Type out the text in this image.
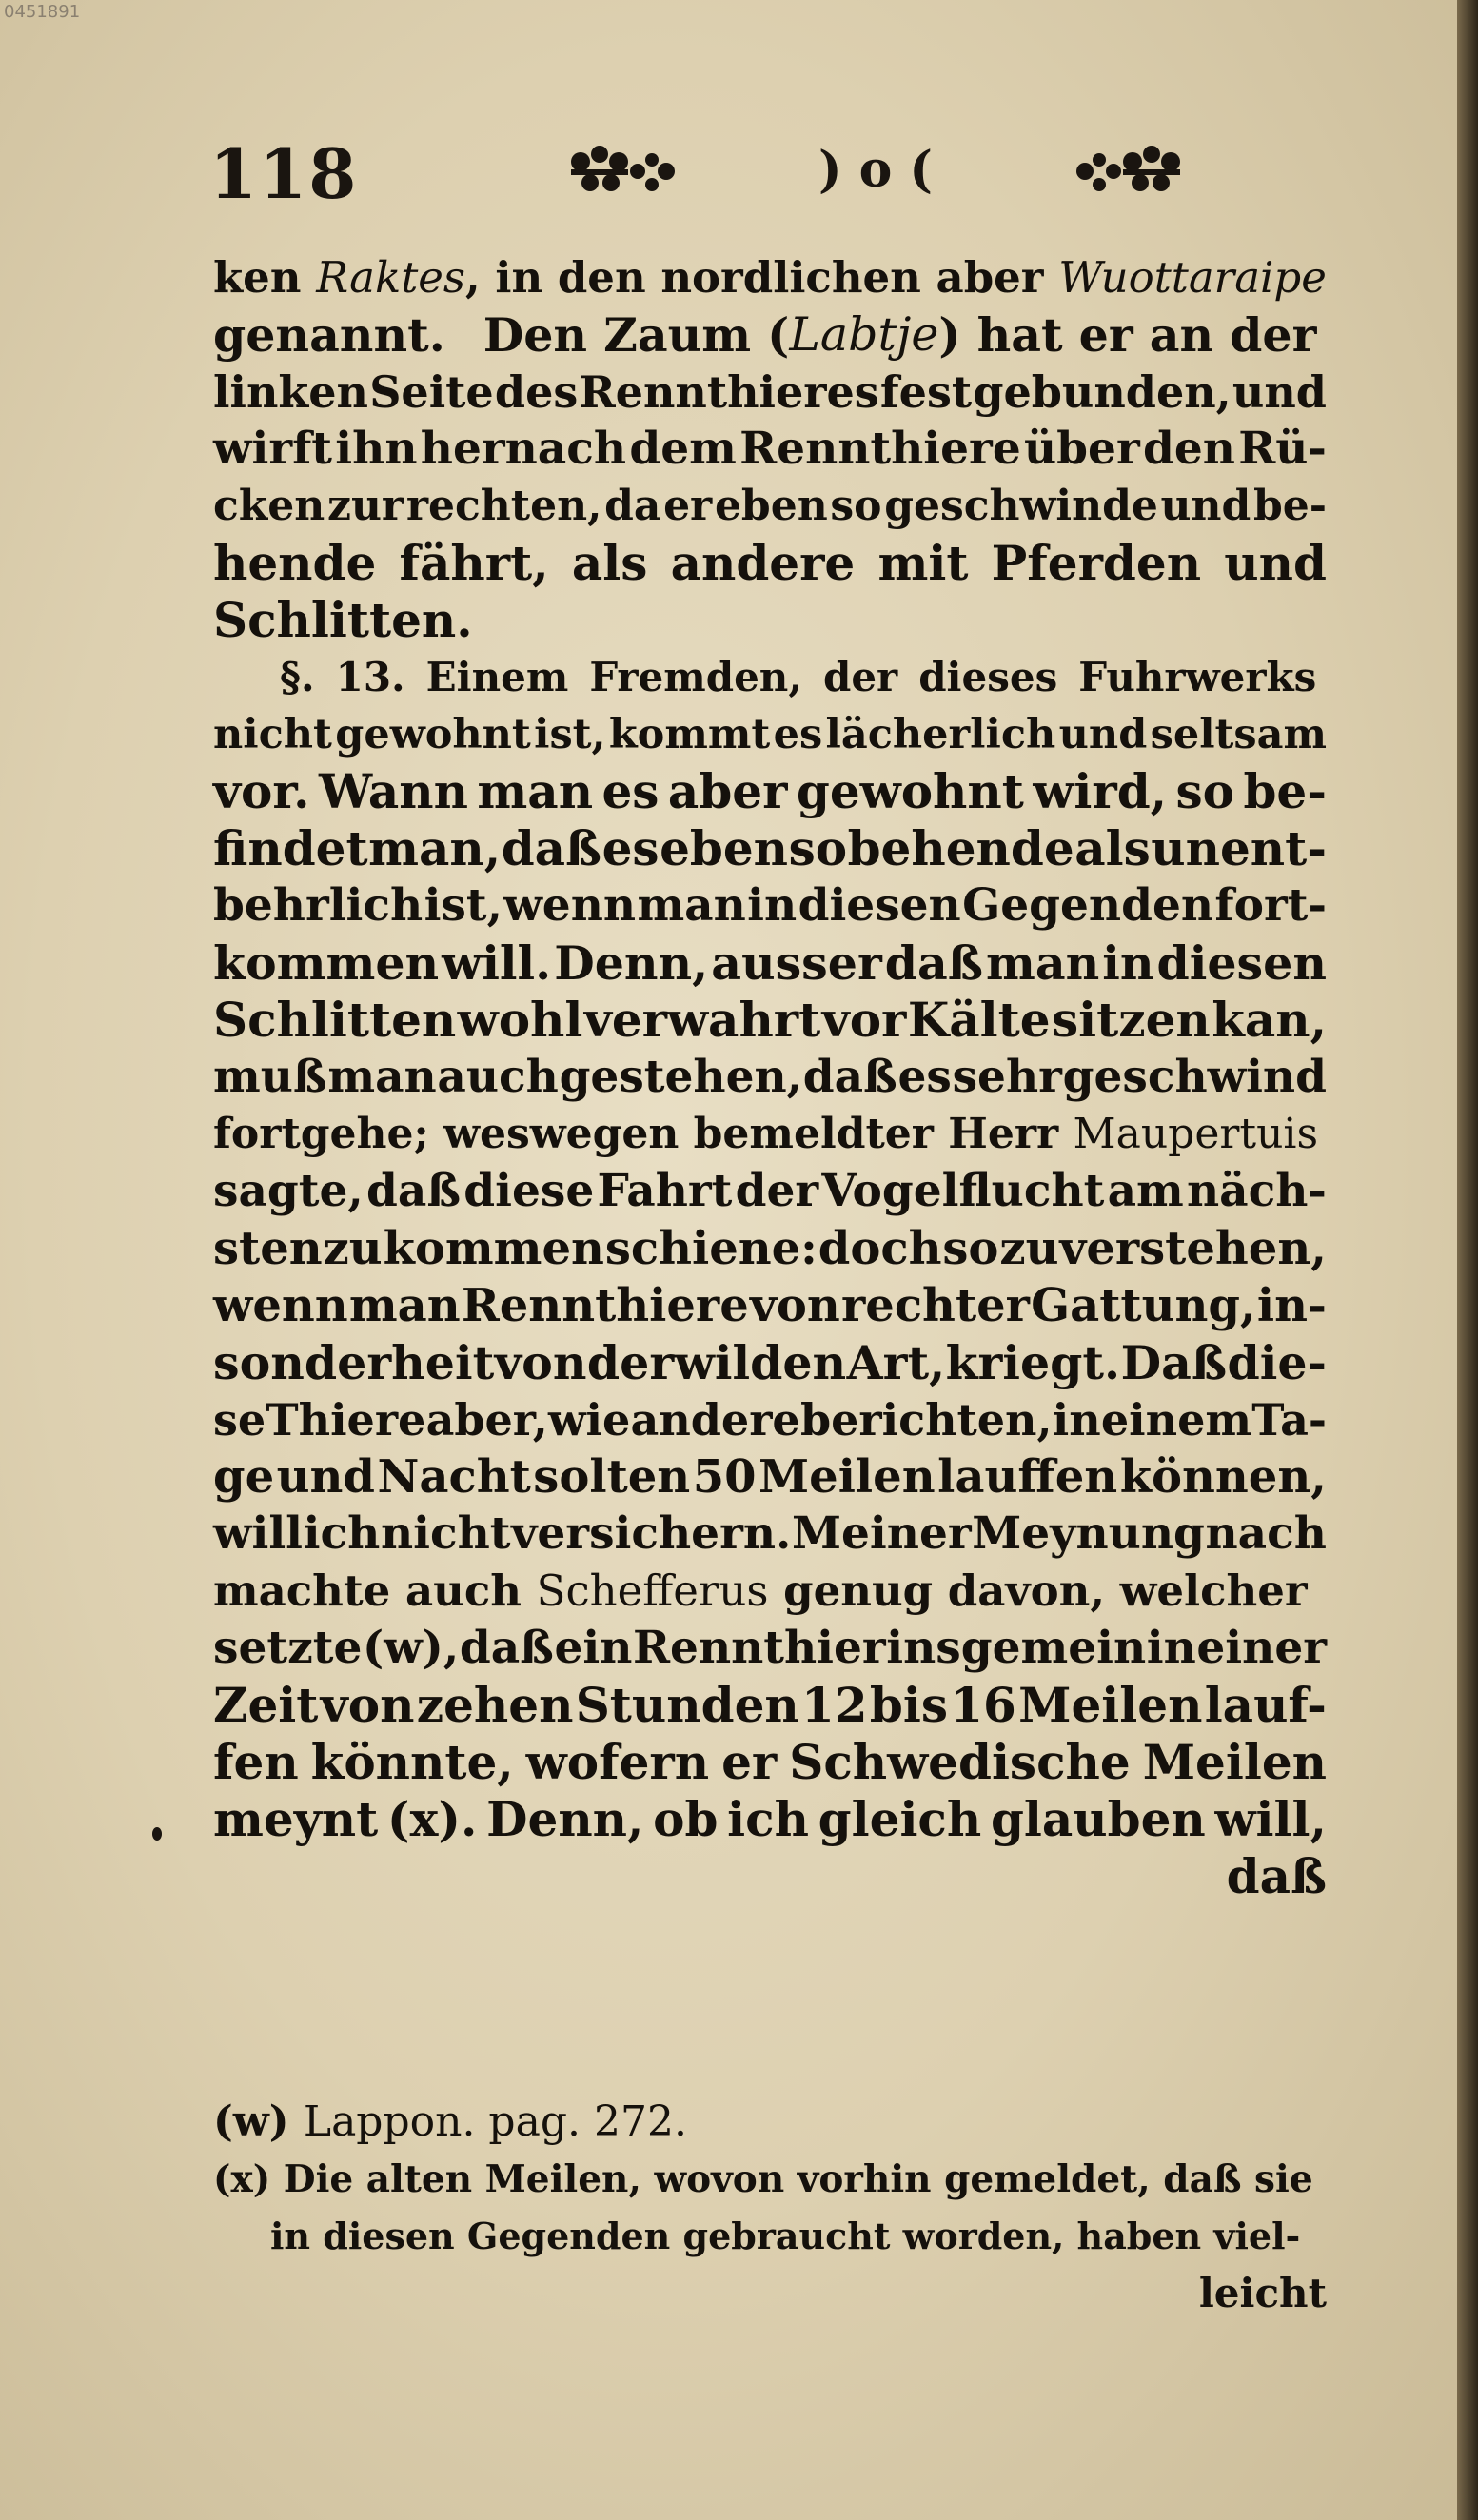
0451891
118	) o (
ken Raktes , in den nordlichen aber Wuottaraipe
genannt. Den Zaum ( Labtje ) hat er an der
linken Seite des Rennthieres fest gebunden, und
wirft ihn hernach dem Rennthiere über den Rü-
cken zur rechten, da er eben so geschwinde und be-
hende fährt, als andere mit Pferden und
Schlitten.
§. 13. Einem Fremden, der dieses Fuhrwerks
nicht gewohnt ist, kommt es lächerlich und seltsam
vor. Wann man es aber gewohnt wird, so be-
findet man, daß es eben so behende als unent-
behrlich ist, wenn man in diesen Gegenden fort-
kommen will. Denn, ausser daß man in diesen
Schlitten wohl verwahrt vor Kälte sitzen kan,
muß man auch gestehen, daß es sehr geschwind
fortgehe; weswegen bemeldter Herr Maupertuis
sagte, daß diese Fahrt der Vogelflucht am näch-
sten zu kommen schiene: doch so zu verstehen,
wenn man Rennthiere von rechter Gattung, in-
sonderheit von der wilden Art, kriegt. Daß die-
se Thiere aber, wie andere berichten, in einem Ta-
ge und Nacht solten 50 Meilen lauffen können,
will ich nicht versichern. Meiner Meynung nach
machte auch Schefferus genug davon, welcher
setzte (w), daß ein Rennthier insgemein in einer
Zeit von zehen Stunden 12 bis 16 Meilen lauf-
fen könnte, wofern er Schwedische Meilen
meynt (x). Denn, ob ich gleich glauben will,
daß
(w) Lappon. pag. 272.
(x) Die alten Meilen, wovon vorhin gemeldet, daß sie
in diesen Gegenden gebraucht worden, haben viel-
leicht
